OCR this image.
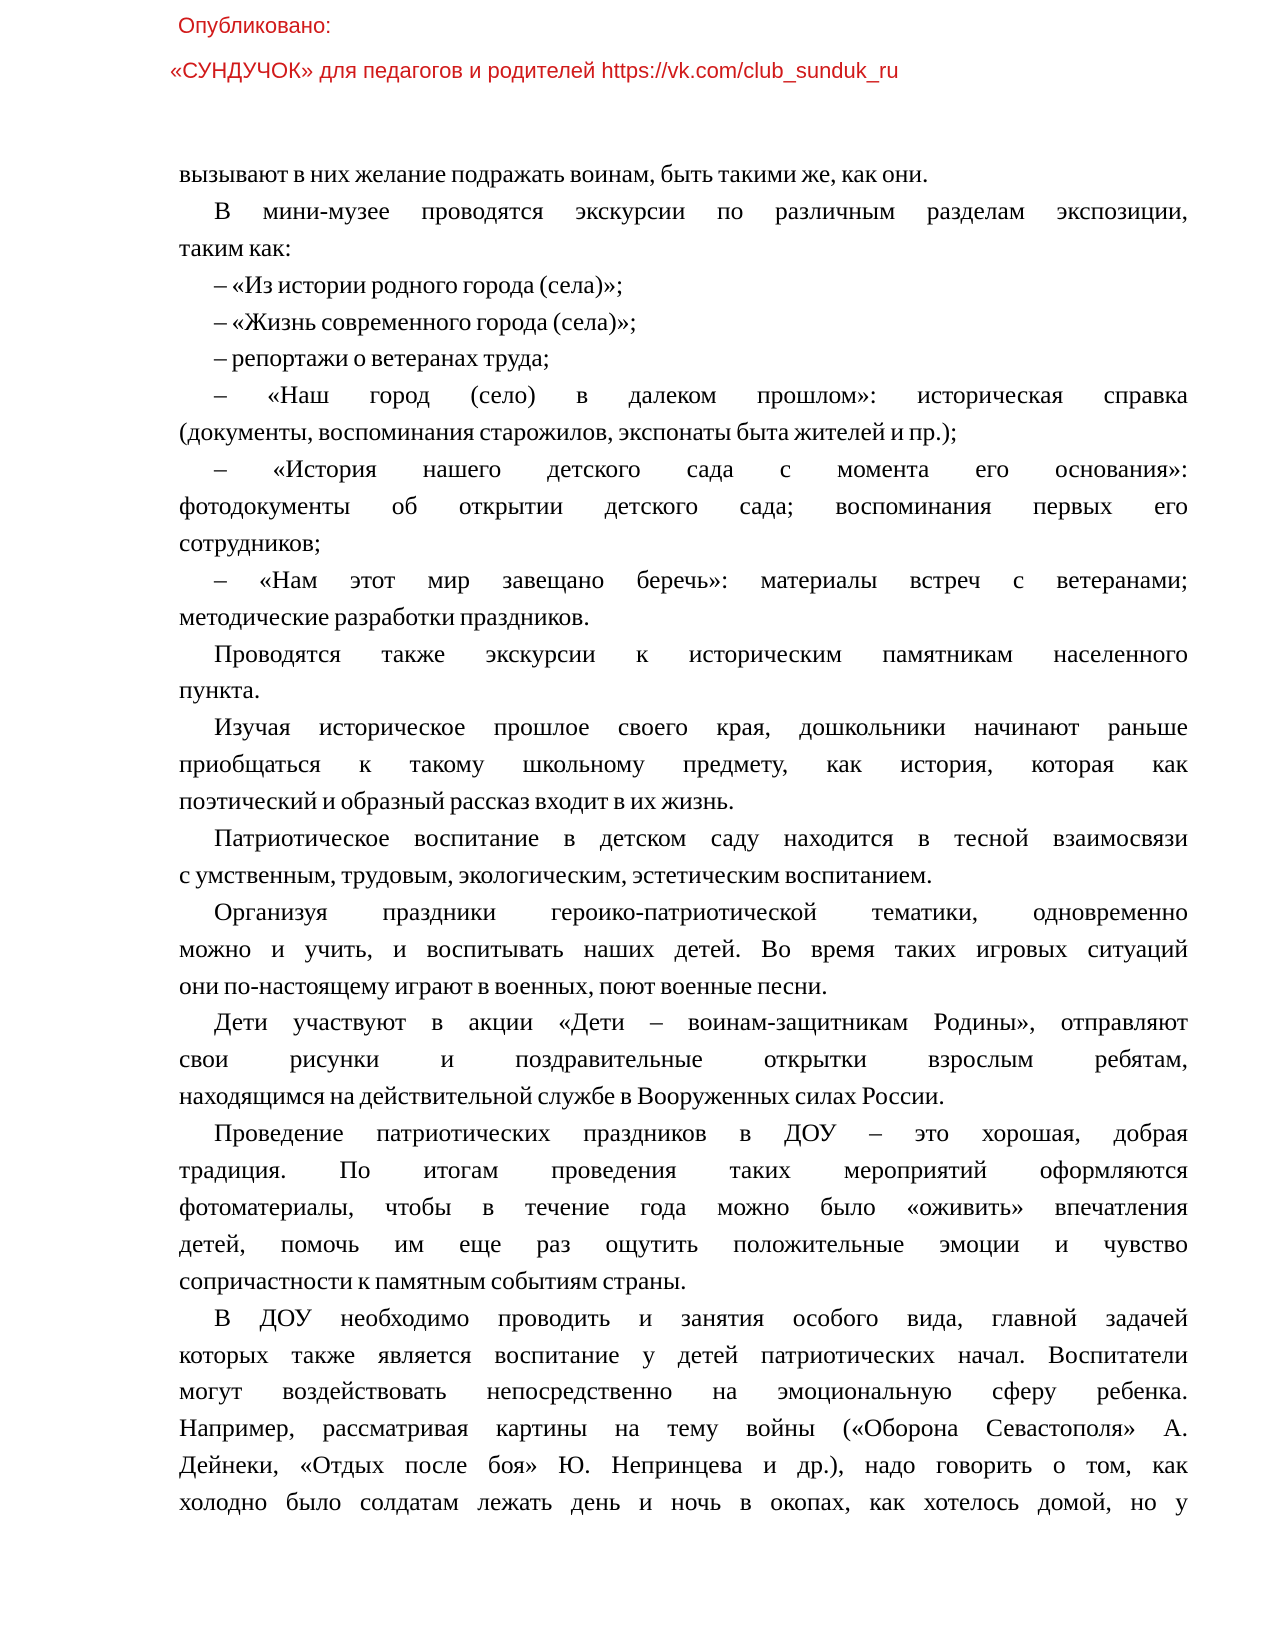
Опубликовано:
«СУНДУЧОК» для педагогов и родителей https://vk.com/club_sunduk_ru
вызывают в них желание подражать воинам, быть такими же, как они.
В мини-музее проводятся экскурсии по различным разделам экспозиции,
таким как:
– «Из истории родного города (села)»;
– «Жизнь современного города (села)»;
– репортажи о ветеранах труда;
– «Наш город (село) в далеком прошлом»: историческая справка
(документы, воспоминания старожилов, экспонаты быта жителей и пр.);
– «История нашего детского сада с момента его основания»:
фотодокументы об открытии детского сада; воспоминания первых его
сотрудников;
– «Нам этот мир завещано беречь»: материалы встреч с ветеранами;
методические разработки праздников.
Проводятся также экскурсии к историческим памятникам населенного
пункта.
Изучая историческое прошлое своего края, дошкольники начинают раньше
приобщаться к такому школьному предмету, как история, которая как
поэтический и образный рассказ входит в их жизнь.
Патриотическое воспитание в детском саду находится в тесной взаимосвязи
с умственным, трудовым, экологическим, эстетическим воспитанием.
Организуя праздники героико-патриотической тематики, одновременно
можно и учить, и воспитывать наших детей. Во время таких игровых ситуаций
они по-настоящему играют в военных, поют военные песни.
Дети участвуют в акции «Дети – воинам-защитникам Родины», отправляют
свои рисунки и поздравительные открытки взрослым ребятам,
находящимся на действительной службе в Вооруженных силах России.
Проведение патриотических праздников в ДОУ – это хорошая, добрая
традиция. По итогам проведения таких мероприятий оформляются
фотоматериалы, чтобы в течение года можно было «оживить» впечатления
детей, помочь им еще раз ощутить положительные эмоции и чувство
сопричастности к памятным событиям страны.
В ДОУ необходимо проводить и занятия особого вида, главной задачей
которых также является воспитание у детей патриотических начал. Воспитатели
могут воздействовать непосредственно на эмоциональную сферу ребенка.
Например, рассматривая картины на тему войны («Оборона Севастополя» А.
Дейнеки, «Отдых после боя» Ю. Непринцева и др.), надо говорить о том, как
холодно было солдатам лежать день и ночь в окопах, как хотелось домой, но у
